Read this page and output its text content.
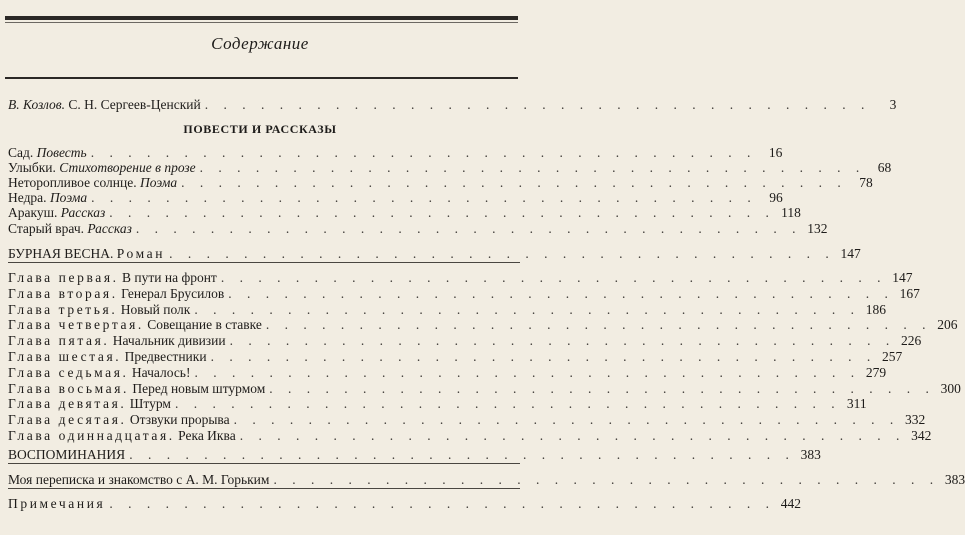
Содержание
В. Козлов. С. Н. Сергеев-Ценский . . . . . . . . . . . . . . . . . . . . . . . . . . . . . . . . . . . .	3
ПОВЕСТИ И РАССКАЗЫ
Сад. Повесть . . . . . . . . . . . . . . . . . . . . . . . . . . . . . . . . . . . . 16
Улыбки. Стихотворение в прозе . . . . . . . . . . . . . . . . . . . . . . . . . . . . . . . . . . . . 68
Неторопливое солнце. Поэма . . . . . . . . . . . . . . . . . . . . . . . . . . . . . . . . . . . . 78
Недра. Поэма . . . . . . . . . . . . . . . . . . . . . . . . . . . . . . . . . . . . 96
Аракуш. Рассказ . . . . . . . . . . . . . . . . . . . . . . . . . . . . . . . . . . . . 118
Старый врач. Рассказ . . . . . . . . . . . . . . . . . . . . . . . . . . . . . . . . . . . . 132
БУРНАЯ ВЕСНА. Роман . . . . . . . . . . . . . . . . . . . . . . . . . . . . . . . . . . . . 147
Глава первая. В пути на фронт . . . . . . . . . . . . . . . . . . . . . . . . . . . . . . . . . . . . 147
Глава вторая. Генерал Брусилов . . . . . . . . . . . . . . . . . . . . . . . . . . . . . . . . . . . . 167
Глава третья. Новый полк . . . . . . . . . . . . . . . . . . . . . . . . . . . . . . . . . . . . 186
Глава четвертая. Совещание в ставке . . . . . . . . . . . . . . . . . . . . . . . . . . . . . . . . . . . . 206
Глава пятая. Начальник дивизии . . . . . . . . . . . . . . . . . . . . . . . . . . . . . . . . . . . . 226
Глава шестая. Предвестники . . . . . . . . . . . . . . . . . . . . . . . . . . . . . . . . . . . . 257
Глава седьмая. Началось! . . . . . . . . . . . . . . . . . . . . . . . . . . . . . . . . . . . . 279
Глава восьмая. Перед новым штурмом . . . . . . . . . . . . . . . . . . . . . . . . . . . . . . . . . . . . 300
Глава девятая. Штурм . . . . . . . . . . . . . . . . . . . . . . . . . . . . . . . . . . . . 311
Глава десятая. Отзвуки прорыва . . . . . . . . . . . . . . . . . . . . . . . . . . . . . . . . . . . . 332
Глава одиннадцатая. Река Иква . . . . . . . . . . . . . . . . . . . . . . . . . . . . . . . . . . . . 342
ВОСПОМИНАНИЯ . . . . . . . . . . . . . . . . . . . . . . . . . . . . . . . . . . . . 383
Моя переписка и знакомство с А. М. Горьким . . . . . . . . . . . . . . . . . . . . . . . . . . . . . . . . . . . . 383
Примечания . . . . . . . . . . . . . . . . . . . . . . . . . . . . . . . . . . . . 442
